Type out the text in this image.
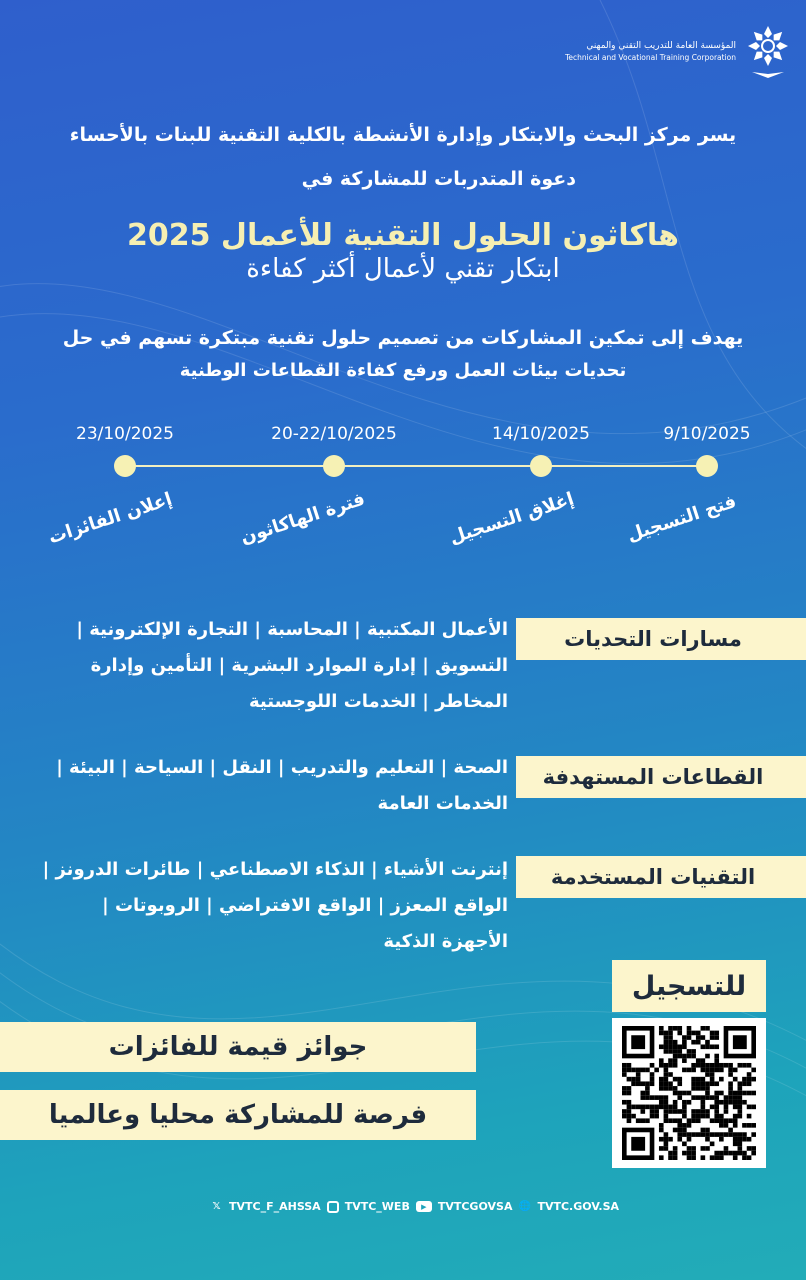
المؤسسة العامة للتدريب التقني والمهني
Technical and Vocational Training Corporation
يسر مركز البحث والابتكار وإدارة الأنشطة بالكلية التقنية للبنات بالأحساء
دعوة المتدربات للمشاركة في
هاكاثون الحلول التقنية للأعمال 2025
ابتكار تقني لأعمال أكثر كفاءة
يهدف إلى تمكين المشاركات من تصميم حلول تقنية مبتكرة تسهم في حل
تحديات بيئات العمل ورفع كفاءة القطاعات الوطنية
9/10/2025
14/10/2025
20-22/10/2025
23/10/2025
فتح التسجيل
إغلاق التسجيل
فترة الهاكاثون
إعلان الفائزات
مسارات التحديات
الأعمال المكتبية | المحاسبة | التجارة الإلكترونية |
التسويق | إدارة الموارد البشرية | التأمين وإدارة
المخاطر | الخدمات اللوجستية
القطاعات المستهدفة
الصحة | التعليم والتدريب | النقل | السياحة | البيئة |
الخدمات العامة
التقنيات المستخدمة
إنترنت الأشياء | الذكاء الاصطناعي | طائرات الدرونز |
الواقع المعزز | الواقع الافتراضي | الروبوتات |
الأجهزة الذكية
للتسجيل
جوائز قيمة للفائزات
فرصة للمشاركة محليا وعالميا
𝕏 TVTC_F_AHSSA TVTC_WEB	▶	TVTCGOVSA 🌐 TVTC.GOV.SA
